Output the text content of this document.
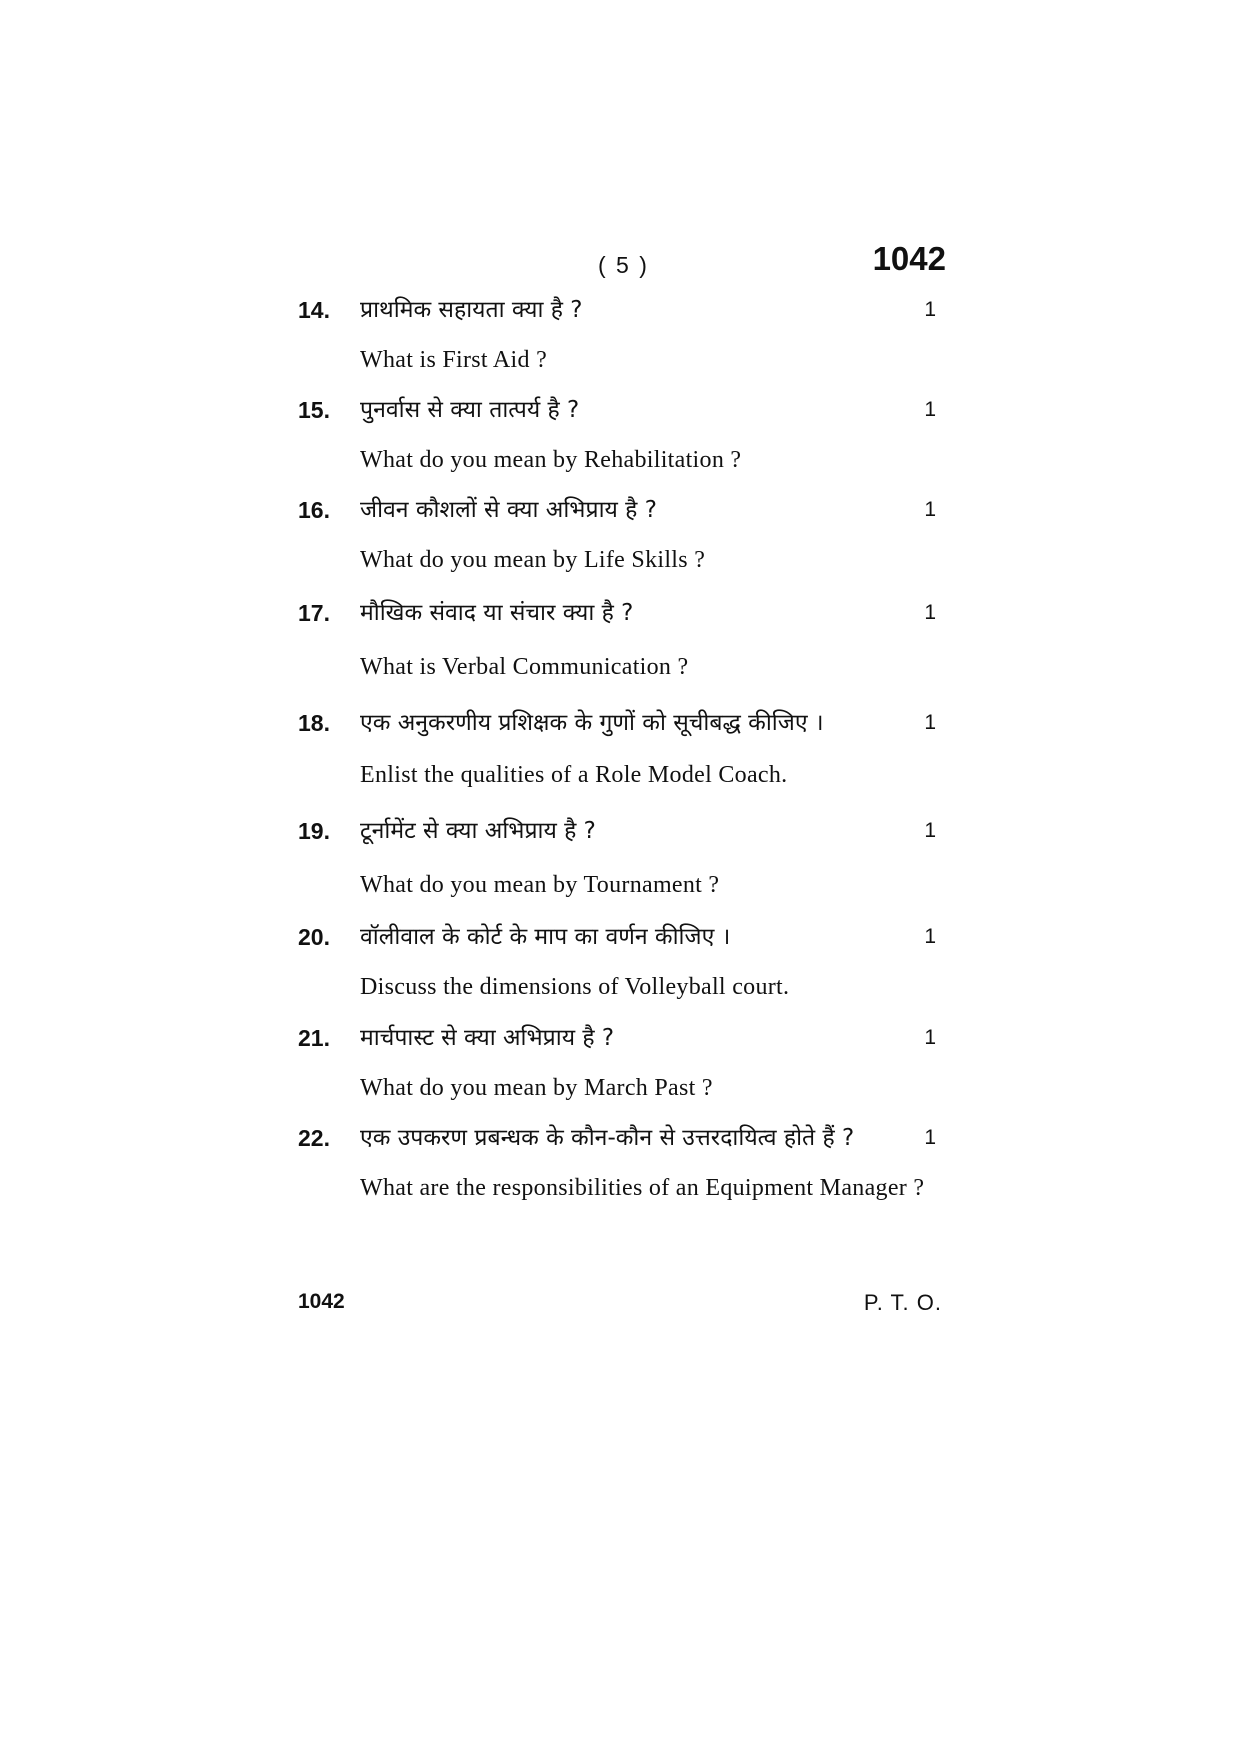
( 5 )	1042
14. प्राथमिक सहायता क्या है ?	1
What is First Aid ?
15. पुनर्वास से क्या तात्पर्य है ?	1
What do you mean by Rehabilitation ?
16. जीवन कौशलों से क्या अभिप्राय है ?	1
What do you mean by Life Skills ?
17. मौखिक संवाद या संचार क्या है ?	1
What is Verbal Communication ?
18. एक अनुकरणीय प्रशिक्षक के गुणों को सूचीबद्ध कीजिए ।	1
Enlist the qualities of a Role Model Coach.
19. टूर्नामेंट से क्या अभिप्राय है ?	1
What do you mean by Tournament ?
20. वॉलीवाल के कोर्ट के माप का वर्णन कीजिए ।	1
Discuss the dimensions of Volleyball court.
21. मार्चपास्ट से क्या अभिप्राय है ?	1
What do you mean by March Past ?
22. एक उपकरण प्रबन्धक के कौन-कौन से उत्तरदायित्व होते हैं ?	1
What are the responsibilities of an Equipment Manager ?
1042	P. T. O.
